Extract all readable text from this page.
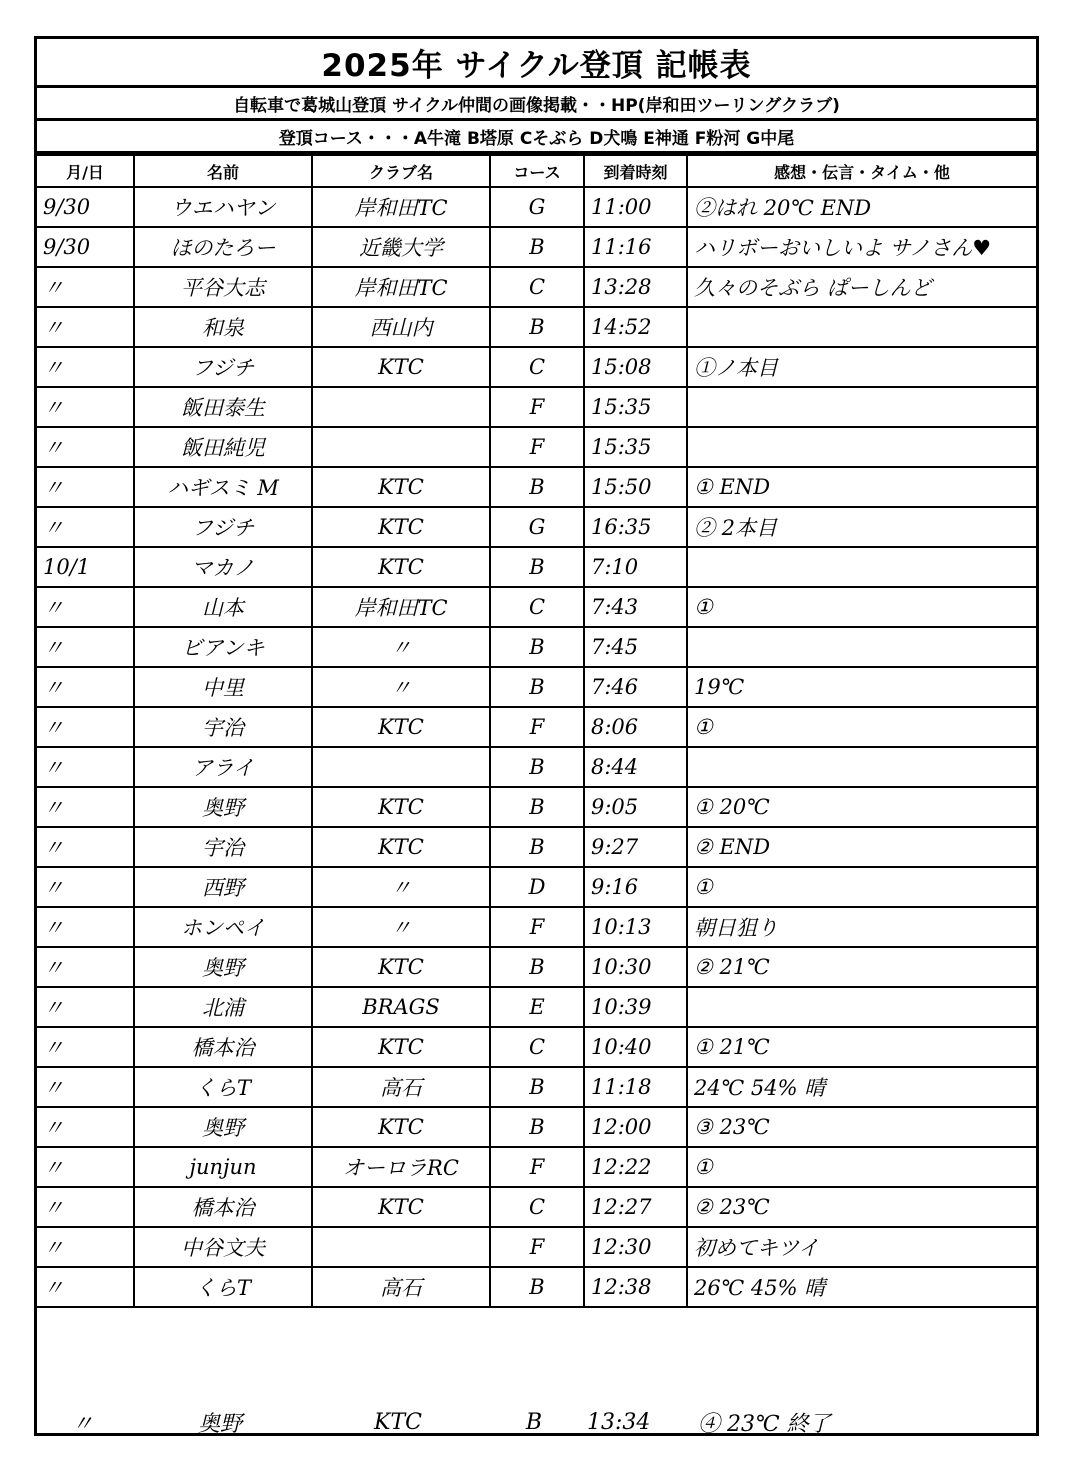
2025年 サイクル登頂 記帳表
自転車で葛城山登頂 サイクル仲間の画像掲載・・HP(岸和田ツーリングクラブ)
登頂コース・・・A牛滝 B塔原 Cそぶら D犬鳴 E神通 F粉河 G中尾
月/日	名前	クラブ名	コース	到着時刻	感想・伝言・タイム・他
9/30	ウエハヤン	岸和田TC	G	11:00	②はれ 20℃ END
9/30	ほのたろー	近畿大学	B	11:16	ハリボーおいしいよ サノさん♥
〃	平谷大志	岸和田TC	C	13:28	久々のそぶら ぱーしんど
〃	和泉	西山内	B	14:52	
〃	フジチ	KTC	C	15:08	①ノ本目
〃	飯田泰生		F	15:35	
〃	飯田純児		F	15:35	
〃	ハギスミ M	KTC	B	15:50	① END
〃	フジチ	KTC	G	16:35	② 2本目
10/1	マカノ	KTC	B	7:10	
〃	山本	岸和田TC	C	7:43	①
〃	ビアンキ	〃	B	7:45	
〃	中里	〃	B	7:46	19℃
〃	宇治	KTC	F	8:06	①
〃	アライ		B	8:44	
〃	奥野	KTC	B	9:05	① 20℃
〃	宇治	KTC	B	9:27	② END
〃	西野	〃	D	9:16	①
〃	ホンペイ	〃	F	10:13	朝日狙り
〃	奥野	KTC	B	10:30	② 21℃
〃	北浦	BRAGS	E	10:39	
〃	橋本治	KTC	C	10:40	① 21℃
〃	くらT	高石	B	11:18	24℃ 54% 晴
〃	奥野	KTC	B	12:00	③ 23℃
〃	junjun	オーロラRC	F	12:22	①
〃	橋本治	KTC	C	12:27	② 23℃
〃	中谷文夫		F	12:30	初めてキツイ
〃	くらT	高石	B	12:38	26℃ 45% 晴
〃	奥野	KTC	B	13:34	④ 23℃ 終了
